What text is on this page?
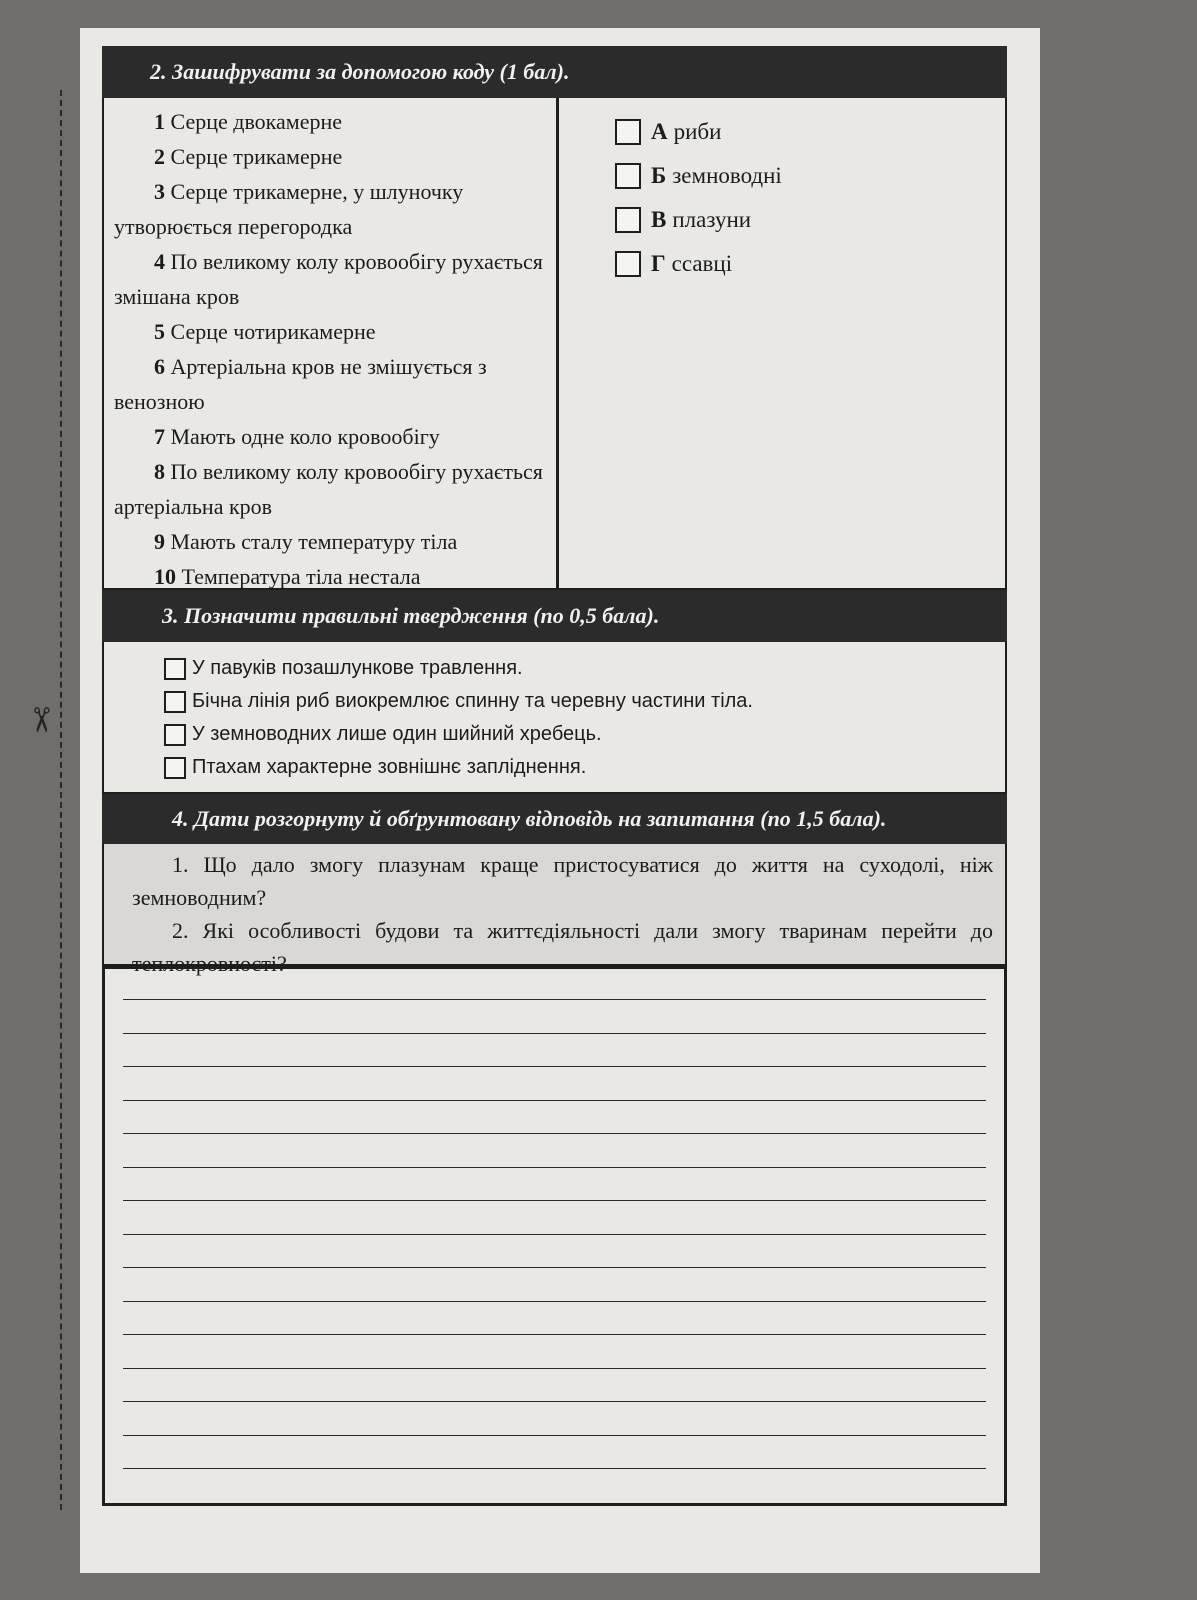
✂
2. Зашифрувати за допомогою коду (1 бал).
1 Серце двокамерне
2 Серце трикамерне
3 Серце трикамерне, у шлуночку утворюється перегородка
4 По великому колу кровообігу рухається змішана кров
5 Серце чотирикамерне
6 Артеріальна кров не змішується з венозною
7 Мають одне коло кровообігу
8 По великому колу кровообігу рухається артеріальна кров
9 Мають сталу температуру тіла
10 Температура тіла нестала
А риби
Б земноводні
В плазуни
Г ссавці
3. Позначити правильні твердження (по 0,5 бала).
У павуків позашлункове травлення.
Бічна лінія риб виокремлює спинну та черевну частини тіла.
У земноводних лише один шийний хребець.
Птахам характерне зовнішнє запліднення.
4. Дати розгорнуту й обґрунтовану відповідь на запитання (по 1,5 бала).
1. Що дало змогу плазунам краще пристосуватися до життя на суходолі, ніж земноводним?
2. Які особливості будови та життєдіяльності дали змогу тваринам перейти до теплокровності?
